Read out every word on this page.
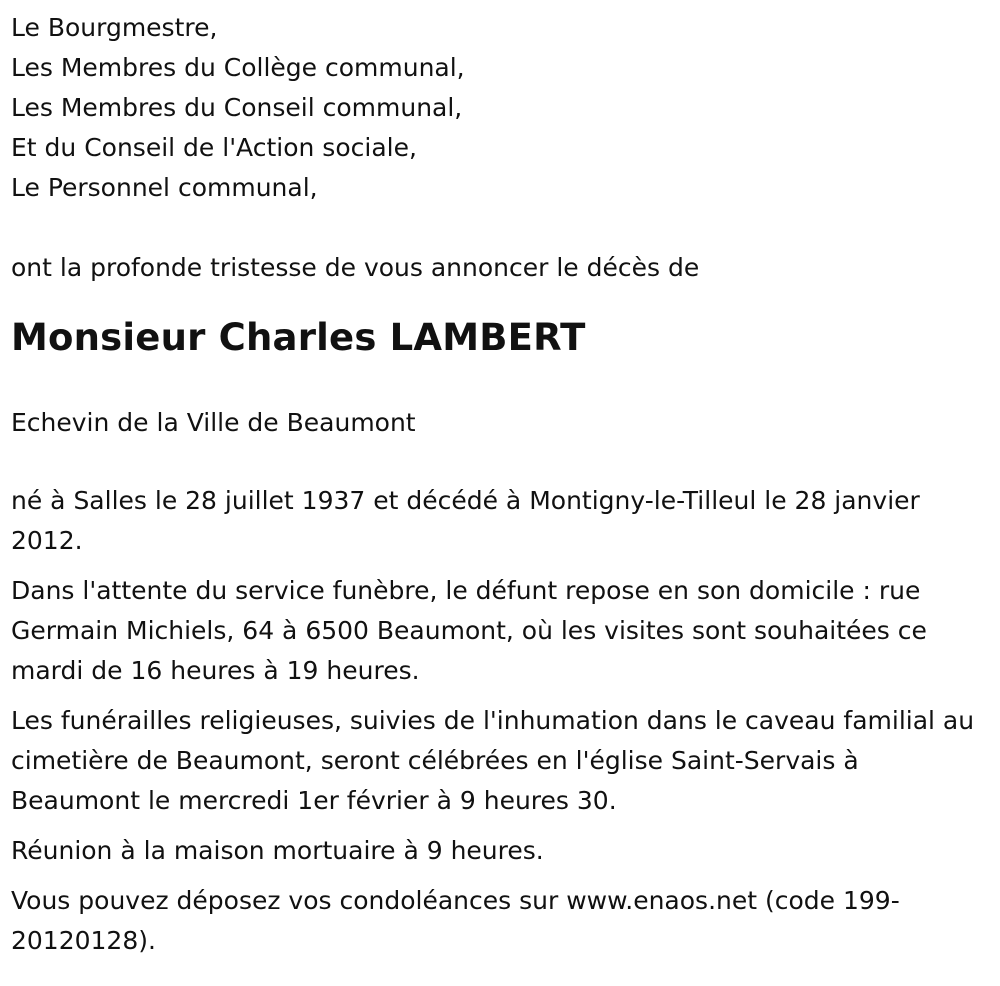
Le Bourgmestre,

Les Membres du Collège communal,

Les Membres du Conseil communal,

Et du Conseil de l'Action sociale,

Le Personnel communal,

ont la profonde tristesse de vous annoncer le décès de

Monsieur Charles LAMBERT

Echevin de la Ville de Beaumont

né à Salles le 28 juillet 1937 et décédé à Montigny-le-Tilleul le 28 janvier 2012.

Dans l'attente du service funèbre, le défunt repose en son domicile : rue Germain Michiels, 64 à 6500 Beaumont, où les visites sont souhaitées ce mardi de 16 heures à 19 heures.

Les funérailles religieuses, suivies de l'inhumation dans le caveau familial au cimetière de Beaumont, seront célébrées en l'église Saint-Servais à Beaumont le mercredi 1er février à 9 heures 30.

Réunion à la maison mortuaire à 9 heures.

Vous pouvez déposez vos condoléances sur www.enaos.net (code 199-20120128).
